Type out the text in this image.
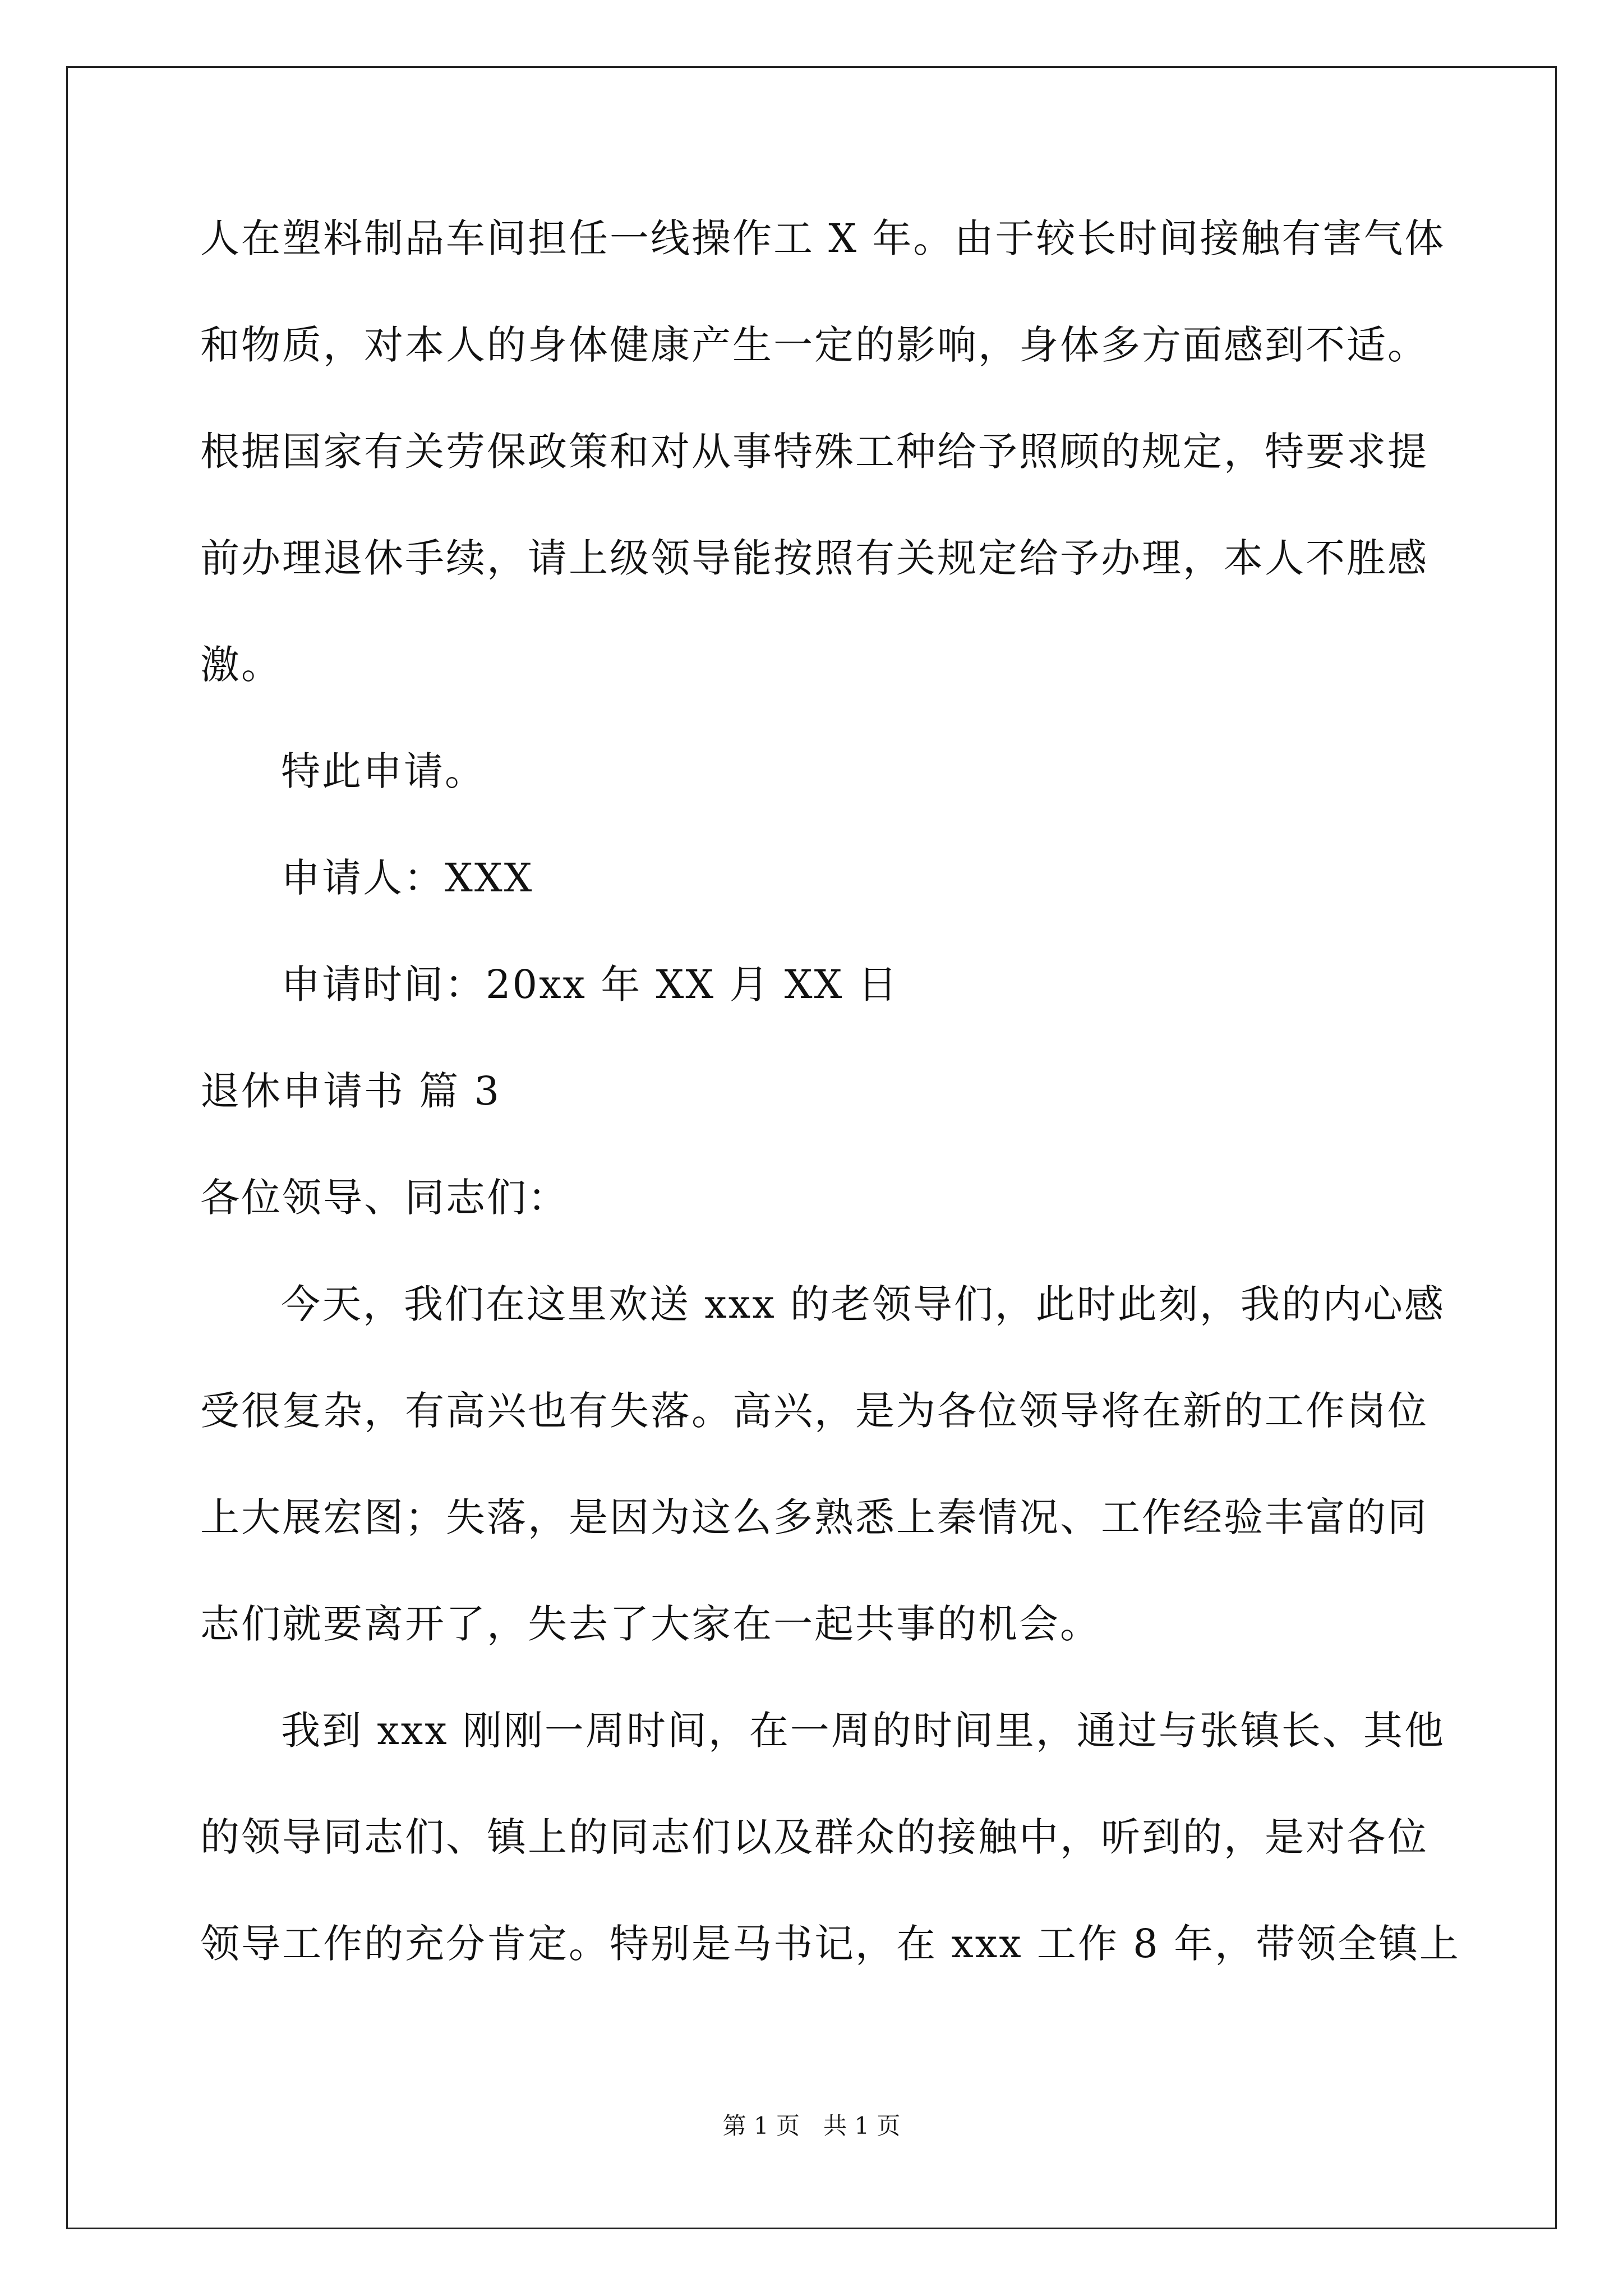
人在塑料制品车间担任一线操作工 X 年。由于较长时间接触有害气体
和物质，对本人的身体健康产生一定的影响，身体多方面感到不适。
根据国家有关劳保政策和对从事特殊工种给予照顾的规定，特要求提
前办理退休手续，请上级领导能按照有关规定给予办理，本人不胜感
激。
特此申请。
申请人：XXX
申请时间：20xx 年 XX 月 XX 日
退休申请书 篇 3
各位领导、同志们：
今天，我们在这里欢送 xxx 的老领导们，此时此刻，我的内心感
受很复杂，有高兴也有失落。高兴，是为各位领导将在新的工作岗位
上大展宏图；失落，是因为这么多熟悉上秦情况、工作经验丰富的同
志们就要离开了，失去了大家在一起共事的机会。
我到 xxx 刚刚一周时间，在一周的时间里，通过与张镇长、其他
的领导同志们、镇上的同志们以及群众的接触中，听到的，是对各位
领导工作的充分肯定。特别是马书记，在 xxx 工作 8 年，带领全镇上
第 1 页　共 1 页
